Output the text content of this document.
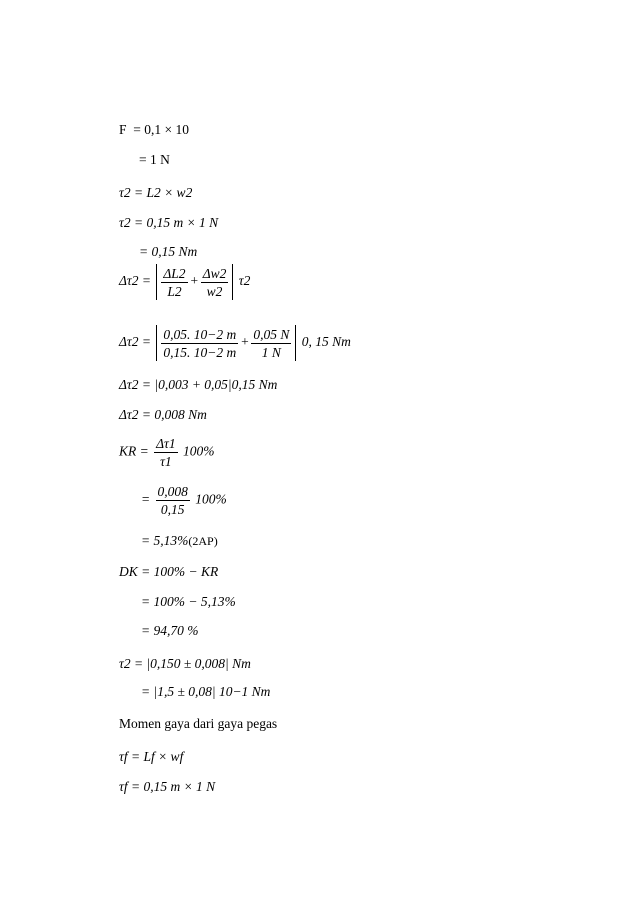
F = 0,1 × 10
= 1 N
τ2 = L2 × w2
τ2 = 0,15 m × 1 N
= 0,15 Nm
$\Delta\tau 2 = \frac{\Delta L2}{L2} + \frac{\Delta w2}{w2} \tau 2$
$\Delta\tau 2 = \frac{0,05. 10-2 m}{0,15. 10-2 m} + \frac{0,05 N}{1 N} 0$, 15 Nm
Δτ2 = |0,003 + 0,05|0,15 Nm
Δτ2 = 0,008 Nm
KR = $\frac{\Delta\tau 1}{\tau 1} 100\%$
= $\frac{0,008}{0,15} 100\%$
= 5,13%(2AP)
DK = 100% − KR
= 100% − 5,13%
= 94,70 %
τ2 = |0,150 ± 0,008| Nm
= |1,5 ± 0,08| 10−1 Nm
Momen gaya dari gaya pegas
τf = Lf × wf
τf = 0,15 m × 1 N
